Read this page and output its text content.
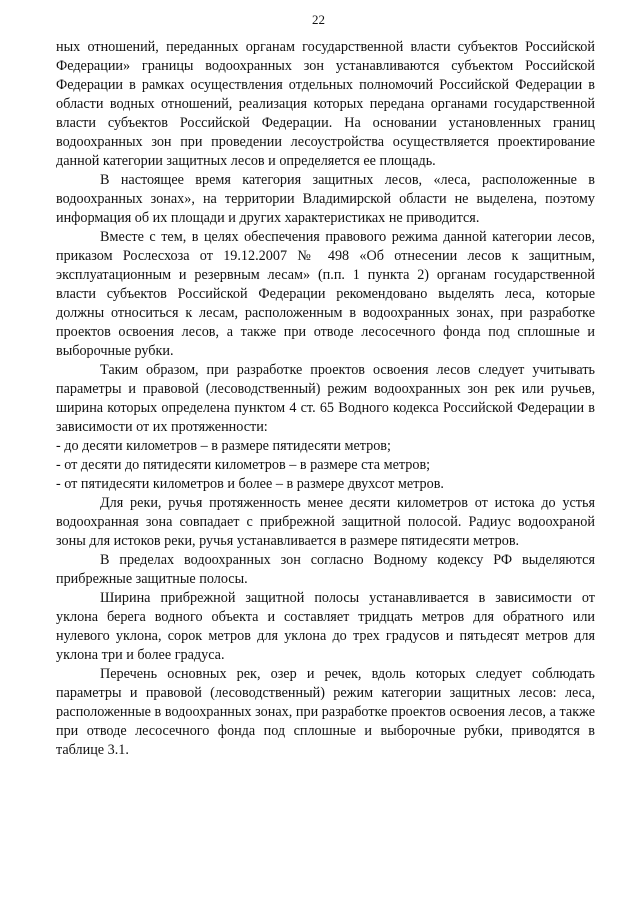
22

ных отношений, переданных органам государственной власти субъектов Российской Федерации» границы водоохранных зон устанавливаются субъектом Российской Федерации в рамках осуществления отдельных полномочий Российской Федерации в области водных отношений, реализация которых передана органами государственной власти субъектов Российской Федерации. На основании установленных границ водоохранных зон при проведении лесоустройства осуществляется проектирование данной категории защитных лесов и определяется ее площадь.

В настоящее время категория защитных лесов, «леса, расположенные в водоохранных зонах», на территории Владимирской области не выделена, поэтому информация об их площади и других характеристиках не приводится.

Вместе с тем, в целях обеспечения правового режима данной категории лесов, приказом Рослесхоза от 19.12.2007 № 498 «Об отнесении лесов к защитным, эксплуатационным и резервным лесам» (п.п. 1 пункта 2) органам государственной власти субъектов Российской Федерации рекомендовано выделять леса, которые должны относиться к лесам, расположенным в водоохранных зонах, при разработке проектов освоения лесов, а также при отводе лесосечного фонда под сплошные и выборочные рубки.

Таким образом, при разработке проектов освоения лесов следует учитывать параметры и правовой (лесоводственный) режим водоохранных зон рек или ручьев, ширина которых определена пунктом 4 ст. 65 Водного кодекса Российской Федерации в зависимости от их протяженности:

- до десяти километров – в размере пятидесяти метров;

- от десяти до пятидесяти километров – в размере ста метров;

- от пятидесяти километров и более – в размере двухсот метров.

Для реки, ручья протяженность менее десяти километров от истока до устья водоохранная зона совпадает с прибрежной защитной полосой. Радиус водоохраной зоны для истоков реки, ручья устанавливается в размере пятидесяти метров.

В пределах водоохранных зон согласно Водному кодексу РФ выделяются прибрежные защитные полосы.

Ширина прибрежной защитной полосы устанавливается в зависимости от уклона берега водного объекта и составляет тридцать метров для обратного или нулевого уклона, сорок метров для уклона до трех градусов и пятьдесят метров для уклона три и более градуса.

Перечень основных рек, озер и речек, вдоль которых следует соблюдать параметры и правовой (лесоводственный) режим категории защитных лесов: леса, расположенные в водоохранных зонах, при разработке проектов освоения лесов, а также при отводе лесосечного фонда под сплошные и выборочные рубки, приводятся в таблице 3.1.
